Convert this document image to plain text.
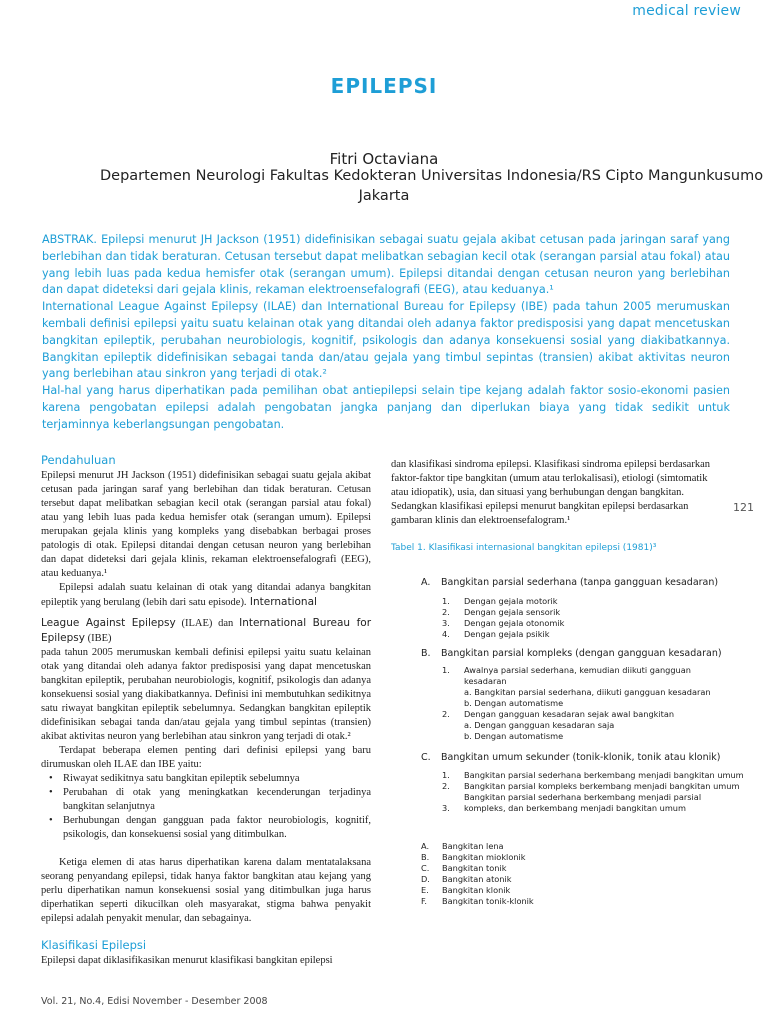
medical review
EPILEPSI
Fitri Octaviana
Departemen Neurologi Fakultas Kedokteran Universitas Indonesia/RS Cipto Mangunkusumo
Jakarta

ABSTRAK. Epilepsi menurut JH Jackson (1951) didefinisikan sebagai suatu gejala akibat cetusan pada jaringan saraf yang berlebihan dan tidak beraturan. Cetusan tersebut dapat melibatkan sebagian kecil otak (serangan parsial atau fokal) atau yang lebih luas pada kedua hemisfer otak (serangan umum). Epilepsi ditandai dengan cetusan neuron yang berlebihan dan dapat dideteksi dari gejala klinis, rekaman elektroensefalografi (EEG), atau keduanya.¹

International League Against Epilepsy (ILAE) dan International Bureau for Epilepsy (IBE) pada tahun 2005 merumuskan kembali definisi epilepsi yaitu suatu kelainan otak yang ditandai oleh adanya faktor predisposisi yang dapat mencetuskan bangkitan epileptik, perubahan neurobiologis, kognitif, psikologis dan adanya konsekuensi sosial yang diakibatkannya. Bangkitan epileptik didefinisikan sebagai tanda dan/atau gejala yang timbul sepintas (transien) akibat aktivitas neuron yang berlebihan atau sinkron yang terjadi di otak.²

Hal-hal yang harus diperhatikan pada pemilihan obat antiepilepsi selain tipe kejang adalah faktor sosio-ekonomi pasien karena pengobatan epilepsi adalah pengobatan jangka panjang dan diperlukan biaya yang tidak sedikit untuk terjaminnya keberlangsungan pengobatan.

Pendahuluan

Epilepsi menurut JH Jackson (1951) didefinisikan sebagai suatu gejala akibat cetusan pada jaringan saraf yang berlebihan dan tidak beraturan. Cetusan tersebut dapat melibatkan sebagian kecil otak (serangan parsial atau fokal) atau yang lebih luas pada kedua hemisfer otak (serangan umum). Epilepsi merupakan gejala klinis yang kompleks yang disebabkan berbagai proses patologis di otak. Epilepsi ditandai dengan cetusan neuron yang berlebihan dan dapat dideteksi dari gejala klinis, rekaman elektroensefalografi (EEG), atau keduanya.¹

Epilepsi adalah suatu kelainan di otak yang ditandai adanya bangkitan epileptik yang berulang (lebih dari satu episode). International

League Against Epilepsy (ILAE) dan International Bureau for Epilepsy (IBE)

pada tahun 2005 merumuskan kembali definisi epilepsi yaitu suatu kelainan otak yang ditandai oleh adanya faktor predisposisi yang dapat mencetuskan bangkitan epileptik, perubahan neurobiologis, kognitif, psikologis dan adanya konsekuensi sosial yang diakibatkannya. Definisi ini membutuhkan sedikitnya satu riwayat bangkitan epileptik sebelumnya. Sedangkan bangkitan epileptik didefinisikan sebagai tanda dan/atau gejala yang timbul sepintas (transien) akibat aktivitas neuron yang berlebihan atau sinkron yang terjadi di otak.²

Terdapat beberapa elemen penting dari definisi epilepsi yang baru dirumuskan oleh ILAE dan IBE yaitu:

• Riwayat sedikitnya satu bangkitan epileptik sebelumnya
• Perubahan di otak yang meningkatkan kecenderungan terjadinya bangkitan selanjutnya
• Berhubungan dengan gangguan pada faktor neurobiologis, kognitif, psikologis, dan konsekuensi sosial yang ditimbulkan.

Ketiga elemen di atas harus diperhatikan karena dalam mentatalaksana seorang penyandang epilepsi, tidak hanya faktor bangkitan atau kejang yang perlu diperhatikan namun konsekuensi sosial yang ditimbulkan juga harus diperhatikan seperti dikucilkan oleh masyarakat, stigma bahwa penyakit epilepsi adalah penyakit menular, dan sebagainya.

Klasifikasi Epilepsi

Epilepsi dapat diklasifikasikan menurut klasifikasi bangkitan epilepsi

dan klasifikasi sindroma epilepsi. Klasifikasi sindroma epilepsi berdasarkan faktor-faktor tipe bangkitan (umum atau terlokalisasi), etiologi (simtomatik atau idiopatik), usia, dan situasi yang berhubungan dengan bangkitan. Sedangkan klasifikasi epilepsi menurut bangkitan epilepsi berdasarkan gambaran klinis dan elektroensefalogram.¹
121
Tabel 1. Klasifikasi internasional bangkitan epilepsi (1981)³
A. Bangkitan parsial sederhana (tanpa gangguan kesadaran)
1. Dengan gejala motorik
2. Dengan gejala sensorik
3. Dengan gejala otonomik
4. Dengan gejala psikik
B. Bangkitan parsial kompleks (dengan gangguan kesadaran)
1. Awalnya parsial sederhana, kemudian diikuti gangguan
kesadaran
a. Bangkitan parsial sederhana, diikuti gangguan kesadaran
b. Dengan automatisme
2. Dengan gangguan kesadaran sejak awal bangkitan
a. Dengan gangguan kesadaran saja
b. Dengan automatisme
C. Bangkitan umum sekunder (tonik-klonik, tonik atau klonik)
1. Bangkitan parsial sederhana berkembang menjadi bangkitan umum
2. Bangkitan parsial kompleks berkembang menjadi bangkitan umum
Bangkitan parsial sederhana berkembang menjadi parsial
3. kompleks, dan berkembang menjadi bangkitan umum
A. Bangkitan lena
B. Bangkitan mioklonik
C. Bangkitan tonik
D. Bangkitan atonik
E. Bangkitan klonik
F. Bangkitan tonik-klonik
Vol. 21, No.4, Edisi November - Desember 2008
